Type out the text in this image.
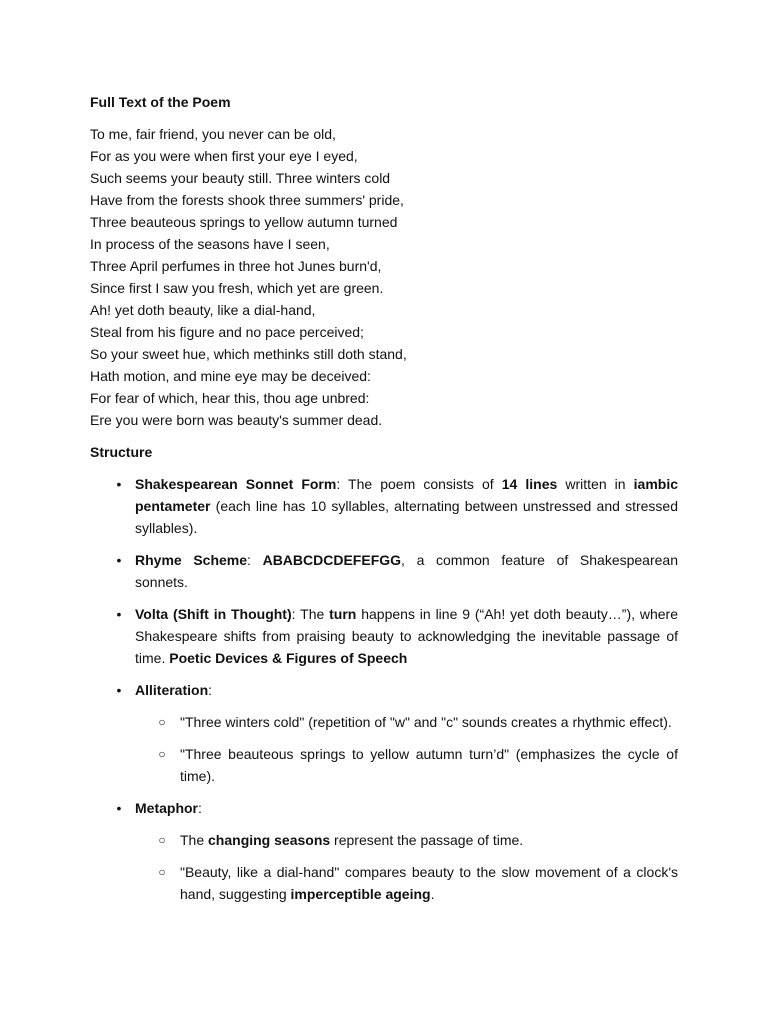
Full Text of the Poem
To me, fair friend, you never can be old,
For as you were when first your eye I eyed,
Such seems your beauty still. Three winters cold
Have from the forests shook three summers' pride,
Three beauteous springs to yellow autumn turned
In process of the seasons have I seen,
Three April perfumes in three hot Junes burn'd,
Since first I saw you fresh, which yet are green.
Ah! yet doth beauty, like a dial-hand,
Steal from his figure and no pace perceived;
So your sweet hue, which methinks still doth stand,
Hath motion, and mine eye may be deceived:
For fear of which, hear this, thou age unbred:
Ere you were born was beauty's summer dead.
Structure
• Shakespearean Sonnet Form: The poem consists of 14 lines written in iambic pentameter (each line has 10 syllables, alternating between unstressed and stressed syllables).
• Rhyme Scheme: ABABCDCDEFEFGG, a common feature of Shakespearean sonnets.
• Volta (Shift in Thought): The turn happens in line 9 (“Ah! yet doth beauty…”), where Shakespeare shifts from praising beauty to acknowledging the inevitable passage of time. Poetic Devices & Figures of Speech
• Alliteration:
○ "Three winters cold" (repetition of "w" and "c" sounds creates a rhythmic effect).
○ "Three beauteous springs to yellow autumn turn’d" (emphasizes the cycle of time).
• Metaphor:
○ The changing seasons represent the passage of time.
○ "Beauty, like a dial-hand" compares beauty to the slow movement of a clock's hand, suggesting imperceptible ageing.
